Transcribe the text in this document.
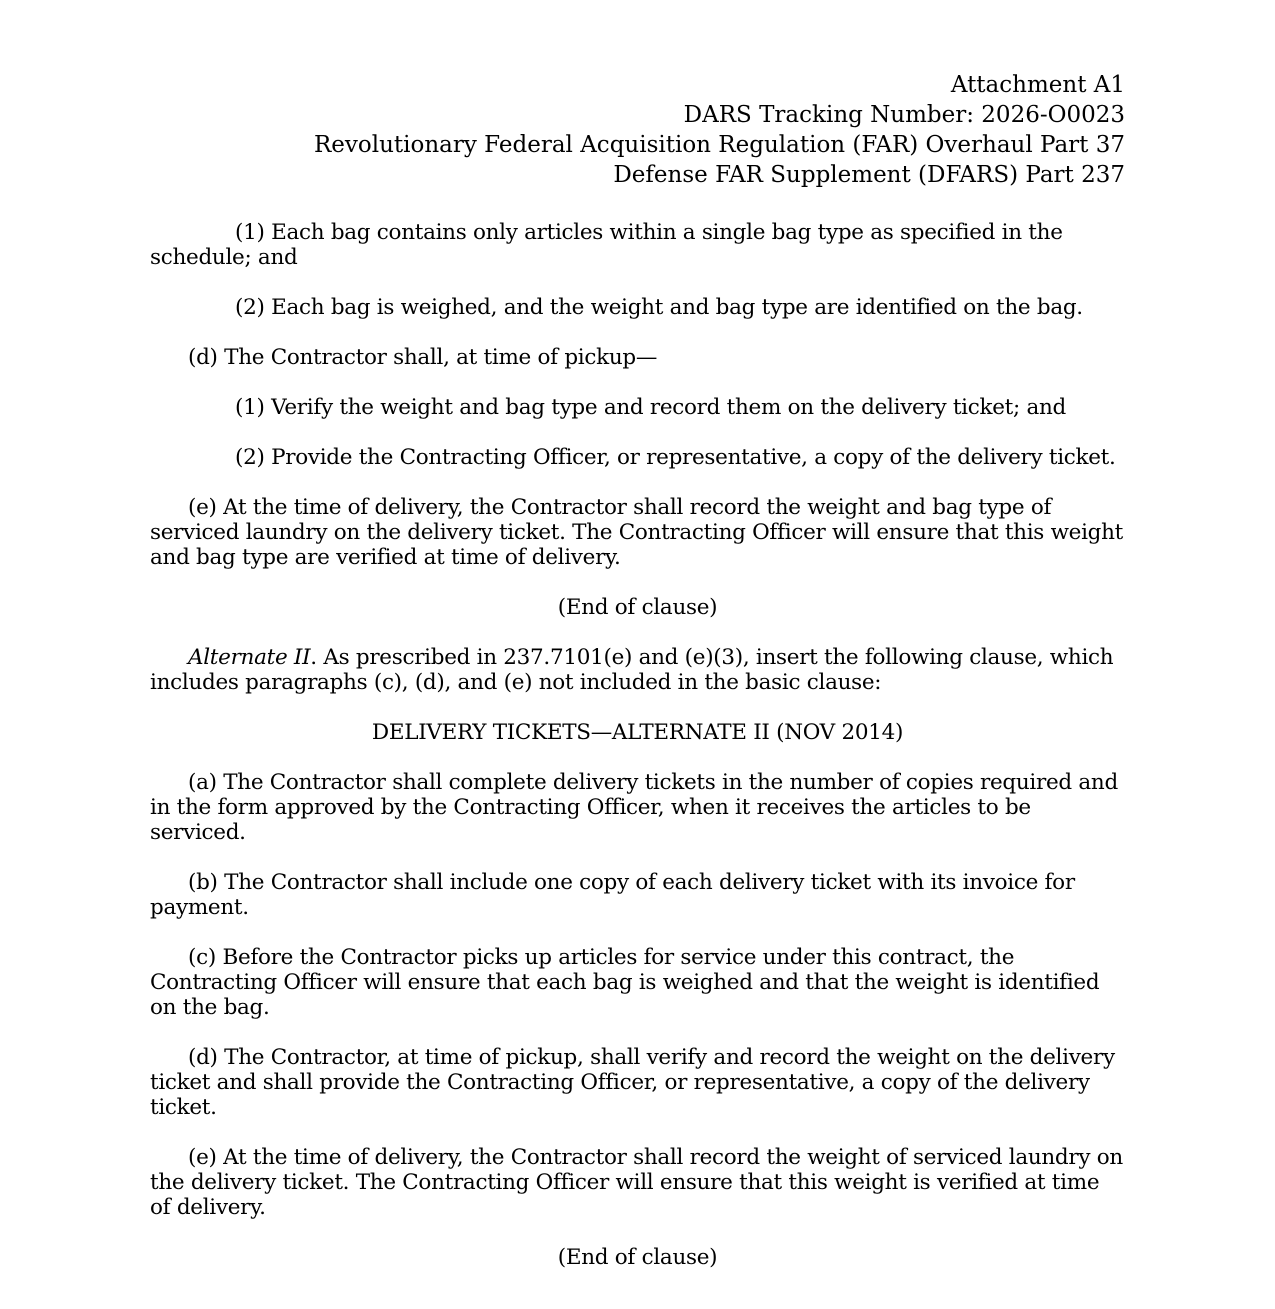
Attachment A1
DARS Tracking Number: 2026-O0023
Revolutionary Federal Acquisition Regulation (FAR) Overhaul Part 37
Defense FAR Supplement (DFARS) Part 237

(1) Each bag contains only articles within a single bag type as specified in the schedule; and

(2) Each bag is weighed, and the weight and bag type are identified on the bag.

(d) The Contractor shall, at time of pickup—

(1) Verify the weight and bag type and record them on the delivery ticket; and

(2) Provide the Contracting Officer, or representative, a copy of the delivery ticket.

(e) At the time of delivery, the Contractor shall record the weight and bag type of serviced laundry on the delivery ticket. The Contracting Officer will ensure that this weight and bag type are verified at time of delivery.

(End of clause)

Alternate II. As prescribed in 237.7101(e) and (e)(3), insert the following clause, which includes paragraphs (c), (d), and (e) not included in the basic clause:

DELIVERY TICKETS—ALTERNATE II (NOV 2014)

(a) The Contractor shall complete delivery tickets in the number of copies required and in the form approved by the Contracting Officer, when it receives the articles to be serviced.

(b) The Contractor shall include one copy of each delivery ticket with its invoice for payment.

(c) Before the Contractor picks up articles for service under this contract, the Contracting Officer will ensure that each bag is weighed and that the weight is identified on the bag.

(d) The Contractor, at time of pickup, shall verify and record the weight on the delivery ticket and shall provide the Contracting Officer, or representative, a copy of the delivery ticket.

(e) At the time of delivery, the Contractor shall record the weight of serviced laundry on the delivery ticket. The Contracting Officer will ensure that this weight is verified at time of delivery.

(End of clause)
